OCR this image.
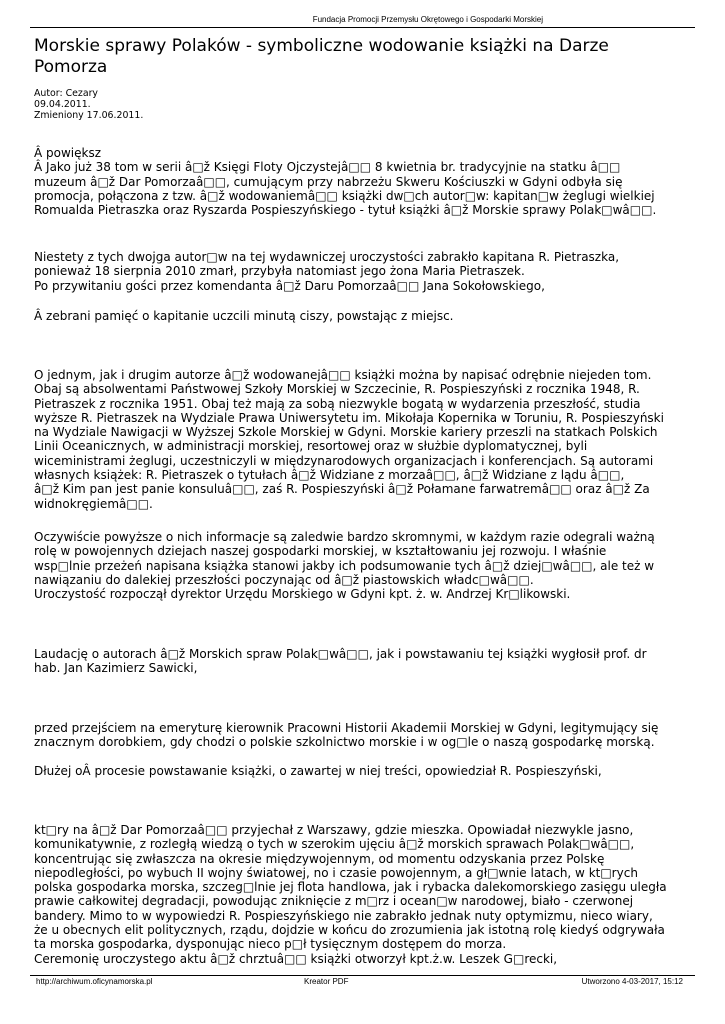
Fundacja Promocji Przemysłu Okrętowego i Gospodarki Morskiej
Morskie sprawy Polaków - symboliczne wodowanie książki na Darze Pomorza
Autor: Cezary
09.04.2011.
Zmieniony 17.06.2011.
Â powiększ
Â Jako już 38 tom w serii â□ž Księgi Floty Ojczystejâ□□ 8 kwietnia br. tradycyjnie na statku â□□
muzeum â□ž Dar Pomorzaâ□□, cumującym przy nabrzeżu Skweru Kościuszki w Gdyni odbyła się
promocja, połączona z tzw. â□ž wodowaniemâ□□ książki dw□ch autor□w: kapitan□w żeglugi wielkiej
Romualda Pietraszka oraz Ryszarda Pospieszyńskiego - tytuł książki â□ž Morskie sprawy Polak□wâ□□.
Niestety z tych dwojga autor□w na tej wydawniczej uroczystości zabrakło kapitana R. Pietraszka,
ponieważ 18 sierpnia 2010 zmarł, przybyła natomiast jego żona Maria Pietraszek.
Po przywitaniu gości przez komendanta â□ž Daru Pomorzaâ□□ Jana Sokołowskiego,
Â zebrani pamięć o kapitanie uczcili minutą ciszy, powstając z miejsc.
O jednym, jak i drugim autorze â□ž wodowanejâ□□ książki można by napisać odrębnie niejeden tom.
Obaj są absolwentami Państwowej Szkoły Morskiej w Szczecinie, R. Pospieszyński z rocznika 1948, R.
Pietraszek z rocznika 1951. Obaj też mają za sobą niezwykle bogatą w wydarzenia przeszłość, studia
wyższe R. Pietraszek na Wydziale Prawa Uniwersytetu im. Mikołaja Kopernika w Toruniu, R. Pospieszyński
na Wydziale Nawigacji w Wyższej Szkole Morskiej w Gdyni. Morskie kariery przeszli na statkach Polskich
Linii Oceanicznych, w administracji morskiej, resortowej oraz w służbie dyplomatycznej, byli
wiceministrami żeglugi, uczestniczyli w międzynarodowych organizacjach i konferencjach. Są autorami
własnych książek: R. Pietraszek o tytułach â□ž Widziane z morzaâ□□, â□ž Widziane z lądu â□□,
â□ž Kim pan jest panie konsuluâ□□, zaś R. Pospieszyński â□ž Połamane farwatremâ□□ oraz â□ž Za
widnokręgiemâ□□.
Oczywiście powyższe o nich informacje są zaledwie bardzo skromnymi, w każdym razie odegrali ważną
rolę w powojennych dziejach naszej gospodarki morskiej, w kształtowaniu jej rozwoju. I właśnie
wsp□lnie przeżeń napisana książka stanowi jakby ich podsumowanie tych â□ž dziej□wâ□□, ale też w
nawiązaniu do dalekiej przeszłości poczynając od â□ž piastowskich władc□wâ□□.
Uroczystość rozpoczął dyrektor Urzędu Morskiego w Gdyni kpt. ż. w. Andrzej Kr□likowski.
Laudację o autorach â□ž Morskich spraw Polak□wâ□□, jak i powstawaniu tej książki wygłosił prof. dr
hab. Jan Kazimierz Sawicki,
przed przejściem na emeryturę kierownik Pracowni Historii Akademii Morskiej w Gdyni, legitymujący się
znacznym dorobkiem, gdy chodzi o polskie szkolnictwo morskie i w og□le o naszą gospodarkę morską.
Dłużej oÂ procesie powstawanie książki, o zawartej w niej treści, opowiedział R. Pospieszyński,
kt□ry na â□ž Dar Pomorzaâ□□ przyjechał z Warszawy, gdzie mieszka. Opowiadał niezwykle jasno,
komunikatywnie, z rozległą wiedzą o tych w szerokim ujęciu â□ž morskich sprawach Polak□wâ□□,
koncentrując się zwłaszcza na okresie międzywojennym, od momentu odzyskania przez Polskę
niepodległości, po wybuch II wojny światowej, no i czasie powojennym, a gł□wnie latach, w kt□rych
polska gospodarka morska, szczeg□lnie jej flota handlowa, jak i rybacka dalekomorskiego zasięgu uległa
prawie całkowitej degradacji, powodując zniknięcie z m□rz i ocean□w narodowej, biało - czerwonej
bandery. Mimo to w wypowiedzi R. Pospieszyńskiego nie zabrakło jednak nuty optymizmu, nieco wiary,
że u obecnych elit politycznych, rządu, dojdzie w końcu do zrozumienia jak istotną rolę kiedyś odgrywała
ta morska gospodarka, dysponując nieco p□ł tysięcznym dostępem do morza.
Ceremonię uroczystego aktu â□ž chrztuâ□□ książki otworzył kpt.ż.w. Leszek G□recki,
http://archiwum.oficynamorska.pl	Kreator PDF	Utworzono 4-03-2017, 15:12
